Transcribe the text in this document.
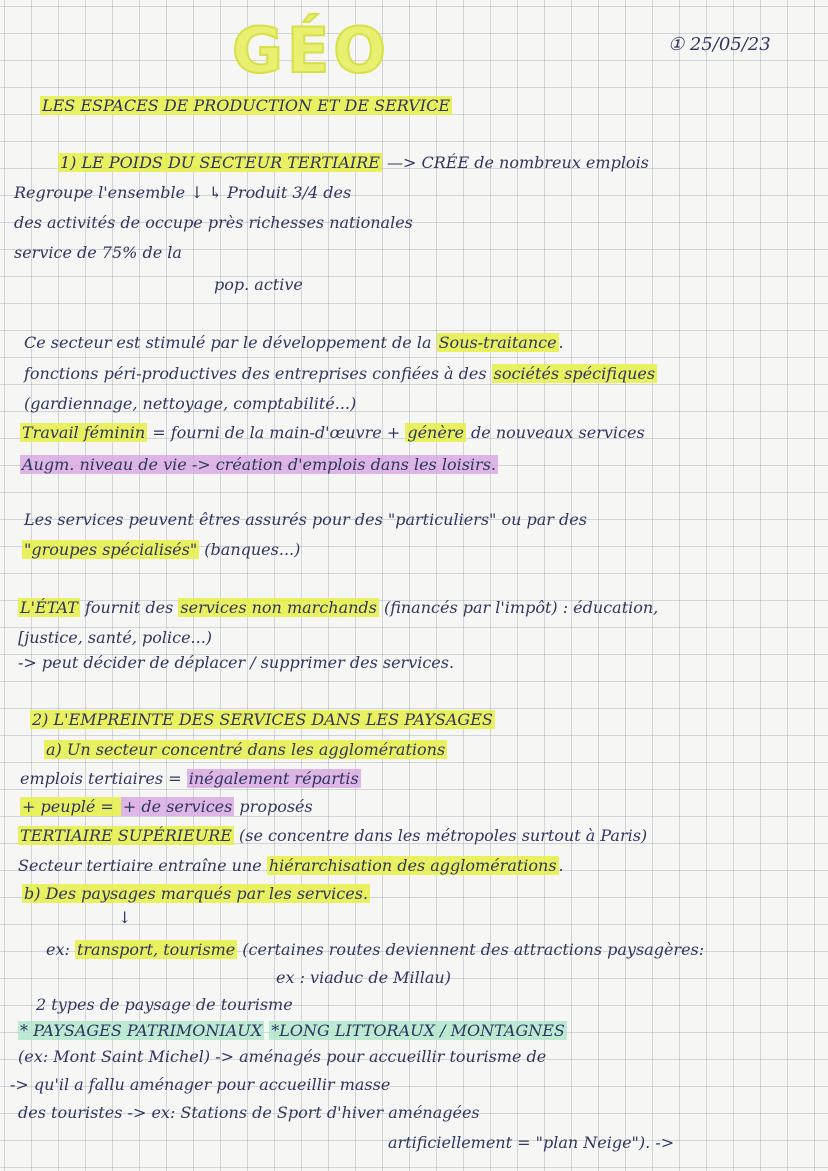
GÉO	① 25/05/23
↓
LES ESPACES DE PRODUCTION ET DE SERVICE
1) LE POIDS DU SECTEUR TERTIAIRE —> CRÉE de nombreux emplois
Regroupe l'ensemble ↓ ↳ Produit 3/4 des
des activités de occupe près richesses nationales
service de 75% de la
pop. active
Ce secteur est stimulé par le développement de la Sous-traitance .
fonctions péri-productives des entreprises confiées à des sociétés spécifiques
(gardiennage, nettoyage, comptabilité...)
Travail féminin = fourni de la main-d'œuvre + génère de nouveaux services
Augm. niveau de vie -> création d'emplois dans les loisirs.
Les services peuvent êtres assurés pour des "particuliers" ou par des
"groupes spécialisés" (banques...)
L'ÉTAT fournit des services non marchands (financés par l'impôt) : éducation,
[justice, santé, police...)
-> peut décider de déplacer / supprimer des services.
2) L'EMPREINTE DES SERVICES DANS LES PAYSAGES
a) Un secteur concentré dans les agglomérations
emplois tertiaires = inégalement répartis
+ peuplé = + de services proposés
TERTIAIRE SUPÉRIEURE (se concentre dans les métropoles surtout à Paris)
Secteur tertiaire entraîne une hiérarchisation des agglomérations .
b) Des paysages marqués par les services.
ex: transport, tourisme (certaines routes deviennent des attractions paysagères:
ex : viaduc de Millau)
2 types de paysage de tourisme
* PAYSAGES PATRIMONIAUX *LONG LITTORAUX / MONTAGNES
(ex: Mont Saint Michel) -> aménagés pour accueillir tourisme de
-> qu'il a fallu aménager pour accueillir masse
des touristes -> ex: Stations de Sport d'hiver aménagées
artificiellement = "plan Neige"). ->
